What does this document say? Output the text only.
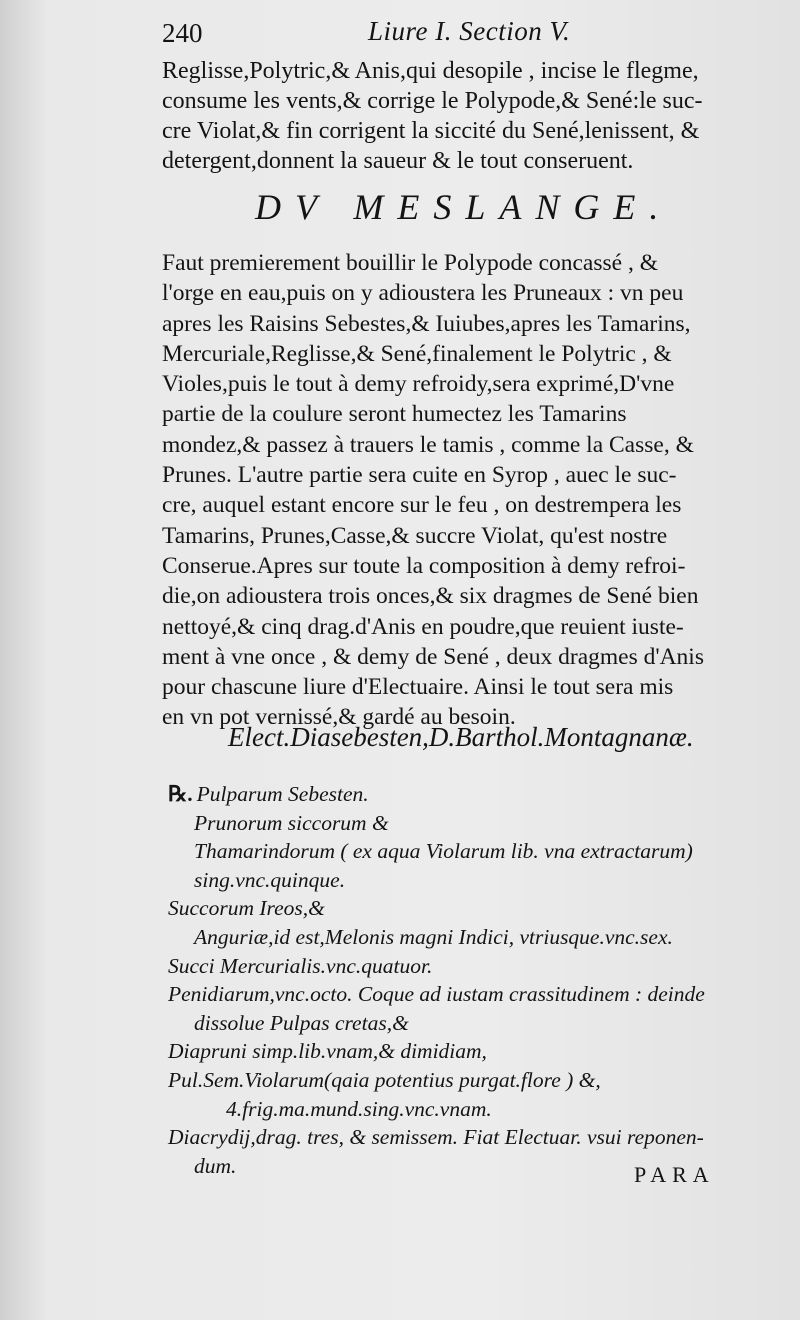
240	Liure I. Section V.
Reglisse,Polytric,& Anis,qui desopile , incise le flegme,
consume les vents,& corrige le Polypode,& Sené:le suc-
cre Violat,& fin corrigent la siccité du Sené,lenissent, &
detergent,donnent la saueur & le tout conseruent.
DV MESLANGE.
Faut premierement bouillir le Polypode concassé , &
l'orge en eau,puis on y adioustera les Pruneaux : vn peu
apres les Raisins Sebestes,& Iuiubes,apres les Tamarins,
Mercuriale,Reglisse,& Sené,finalement le Polytric , &
Violes,puis le tout à demy refroidy,sera exprimé,D'vne
partie de la coulure seront humectez les Tamarins
mondez,& passez à trauers le tamis , comme la Casse, &
Prunes. L'autre partie sera cuite en Syrop , auec le suc-
cre, auquel estant encore sur le feu , on destrempera les
Tamarins, Prunes,Casse,& succre Violat, qu'est nostre
Conserue.Apres sur toute la composition à demy refroi-
die,on adioustera trois onces,& six dragmes de Sené bien
nettoyé,& cinq drag.d'Anis en poudre,que reuient iuste-
ment à vne once , & demy de Sené , deux dragmes d'Anis
pour chascune liure d'Electuaire. Ainsi le tout sera mis
en vn pot vernissé,& gardé au besoin.
Elect.Diasebesten,D.Barthol.Montagnanæ.
℞. Pulparum Sebesten.
Prunorum siccorum &
Thamarindorum ( ex aqua Violarum lib. vna extractarum)
sing.vnc.quinque.
Succorum Ireos,&
Anguriæ,id est,Melonis magni Indici, vtriusque.vnc.sex.
Succi Mercurialis.vnc.quatuor.
Penidiarum,vnc.octo. Coque ad iustam crassitudinem : deinde
dissolue Pulpas cretas,&
Diapruni simp.lib.vnam,& dimidiam,
Pul.Sem.Violarum(qaia potentius purgat.flore ) &,
4.frig.ma.mund.sing.vnc.vnam.
Diacrydij,drag. tres, & semissem. Fiat Electuar. vsui reponen-
dum.	PARA
